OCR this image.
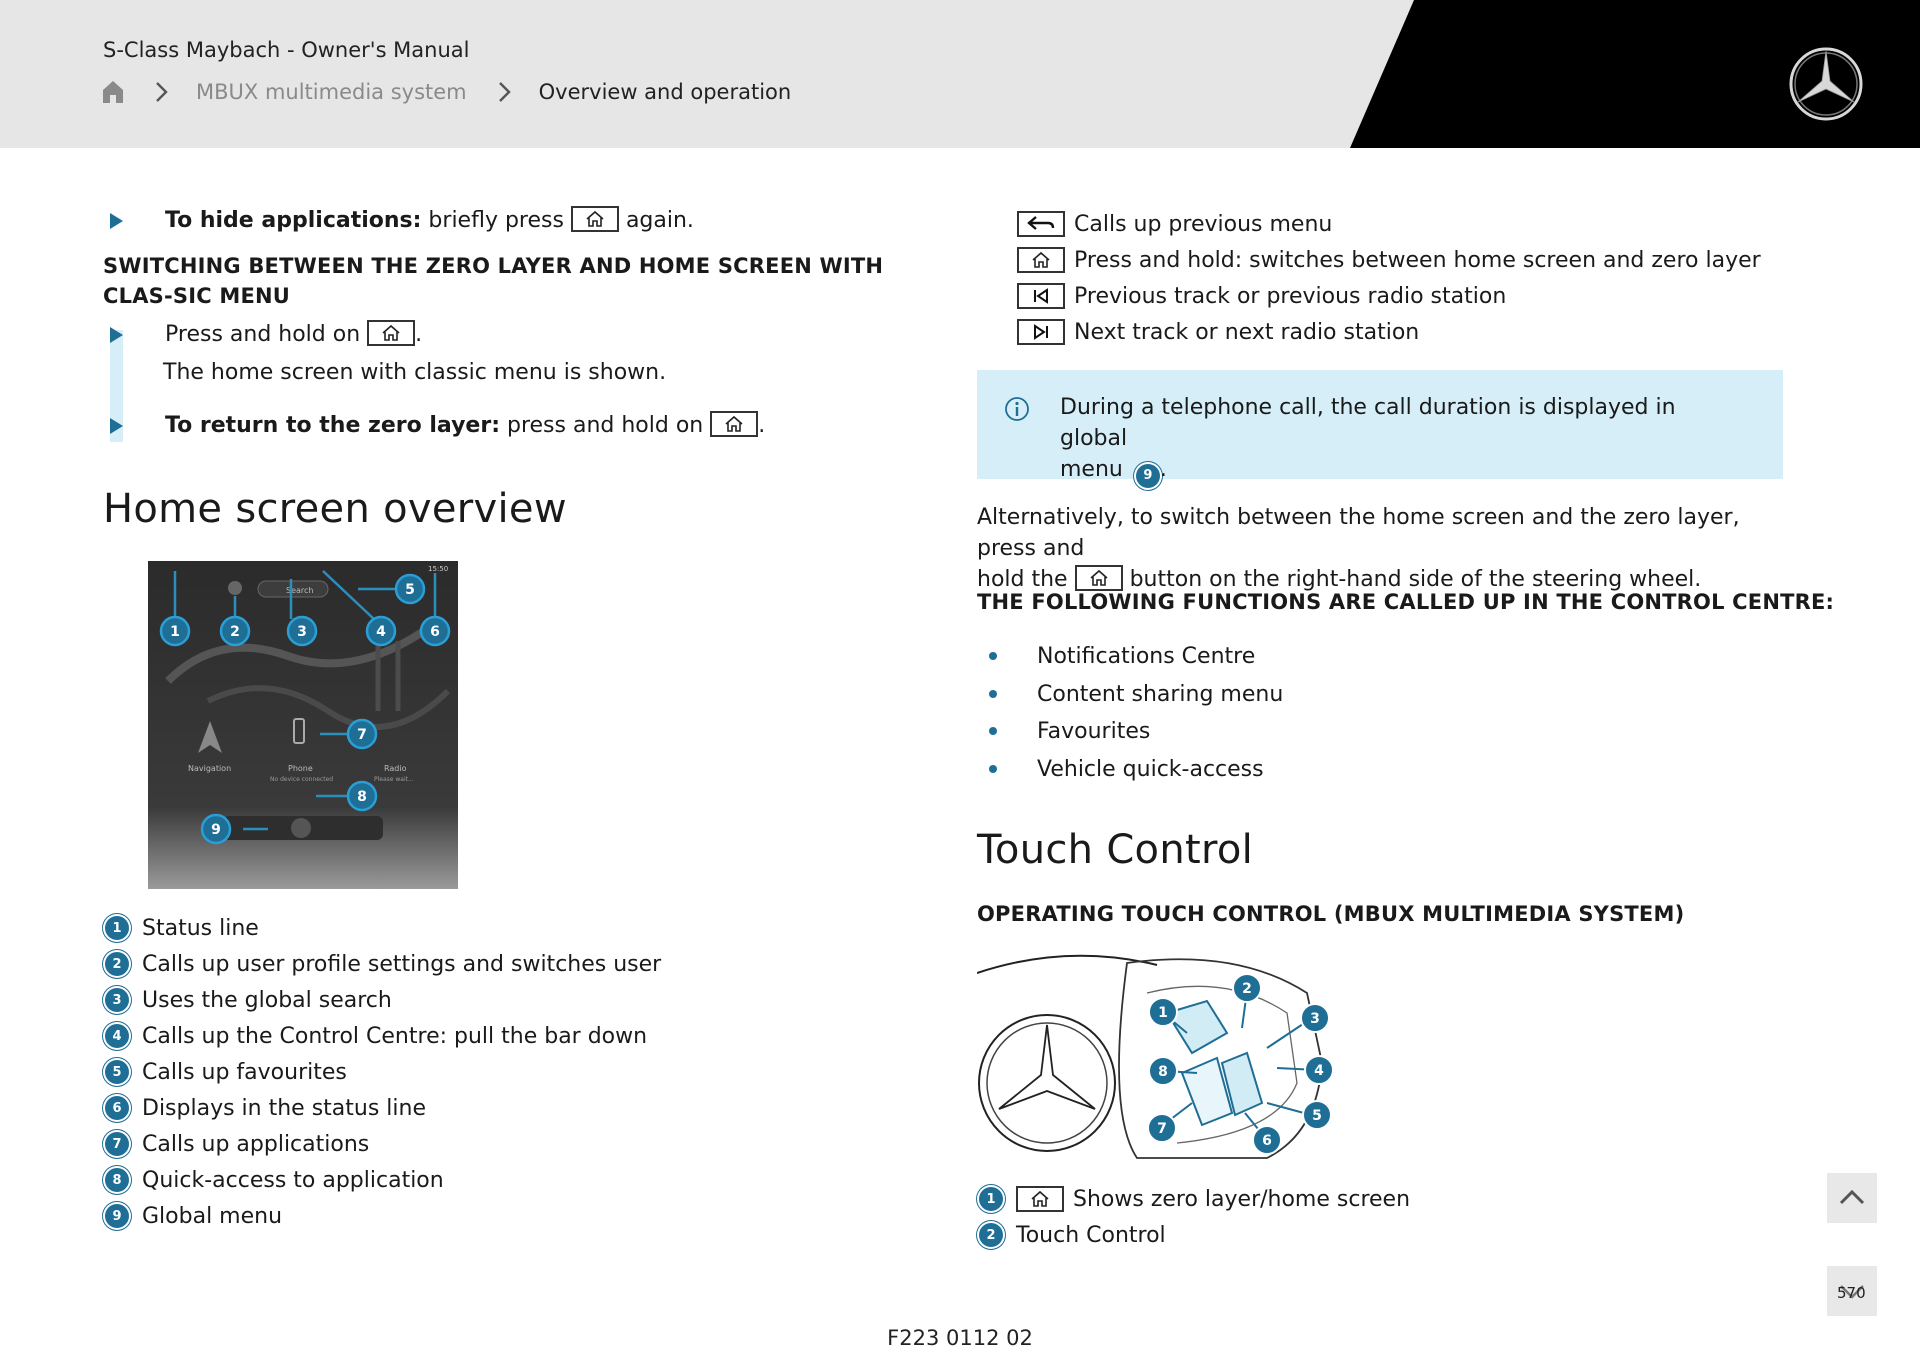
S-Class Maybach - Owner's Manual
MBUX multimedia system	Overview and operation
To hide applications: briefly press	again.
SWITCHING BETWEEN THE ZERO LAYER AND HOME SCREEN WITH CLAS-SIC MENU
Press and hold on	.
The home screen with classic menu is shown.
To return to the zero layer: press and hold on	.
Home screen overview
Search
15:50
Navigation	Phone
No device connected
Radio
Please wait...
1	2	3	4
5
6
7
8
9
1 Status line
2 Calls up user profile settings and switches user
3 Uses the global search
4 Calls up the Control Centre: pull the bar down
5 Calls up favourites
6 Displays in the status line
7 Calls up applications
8 Quick-access to application
9 Global menu
Calls up previous menu
Press and hold: switches between home screen and zero layer
Previous track or previous radio station
Next track or next radio station
During a telephone call, the call duration is displayed in global
menu 9 .
Alternatively, to switch between the home screen and the zero layer, press and
hold the	button on the right-hand side of the steering wheel.
THE FOLLOWING FUNCTIONS ARE CALLED UP IN THE CONTROL CENTRE:
Notifications Centre
Content sharing menu
Favourites
Vehicle quick-access
Touch Control
OPERATING TOUCH CONTROL (MBUX MULTIMEDIA SYSTEM)
1
2
3
4
5
6
7
8
1	Shows zero layer/home screen
2 Touch Control
570
F223 0112 02
